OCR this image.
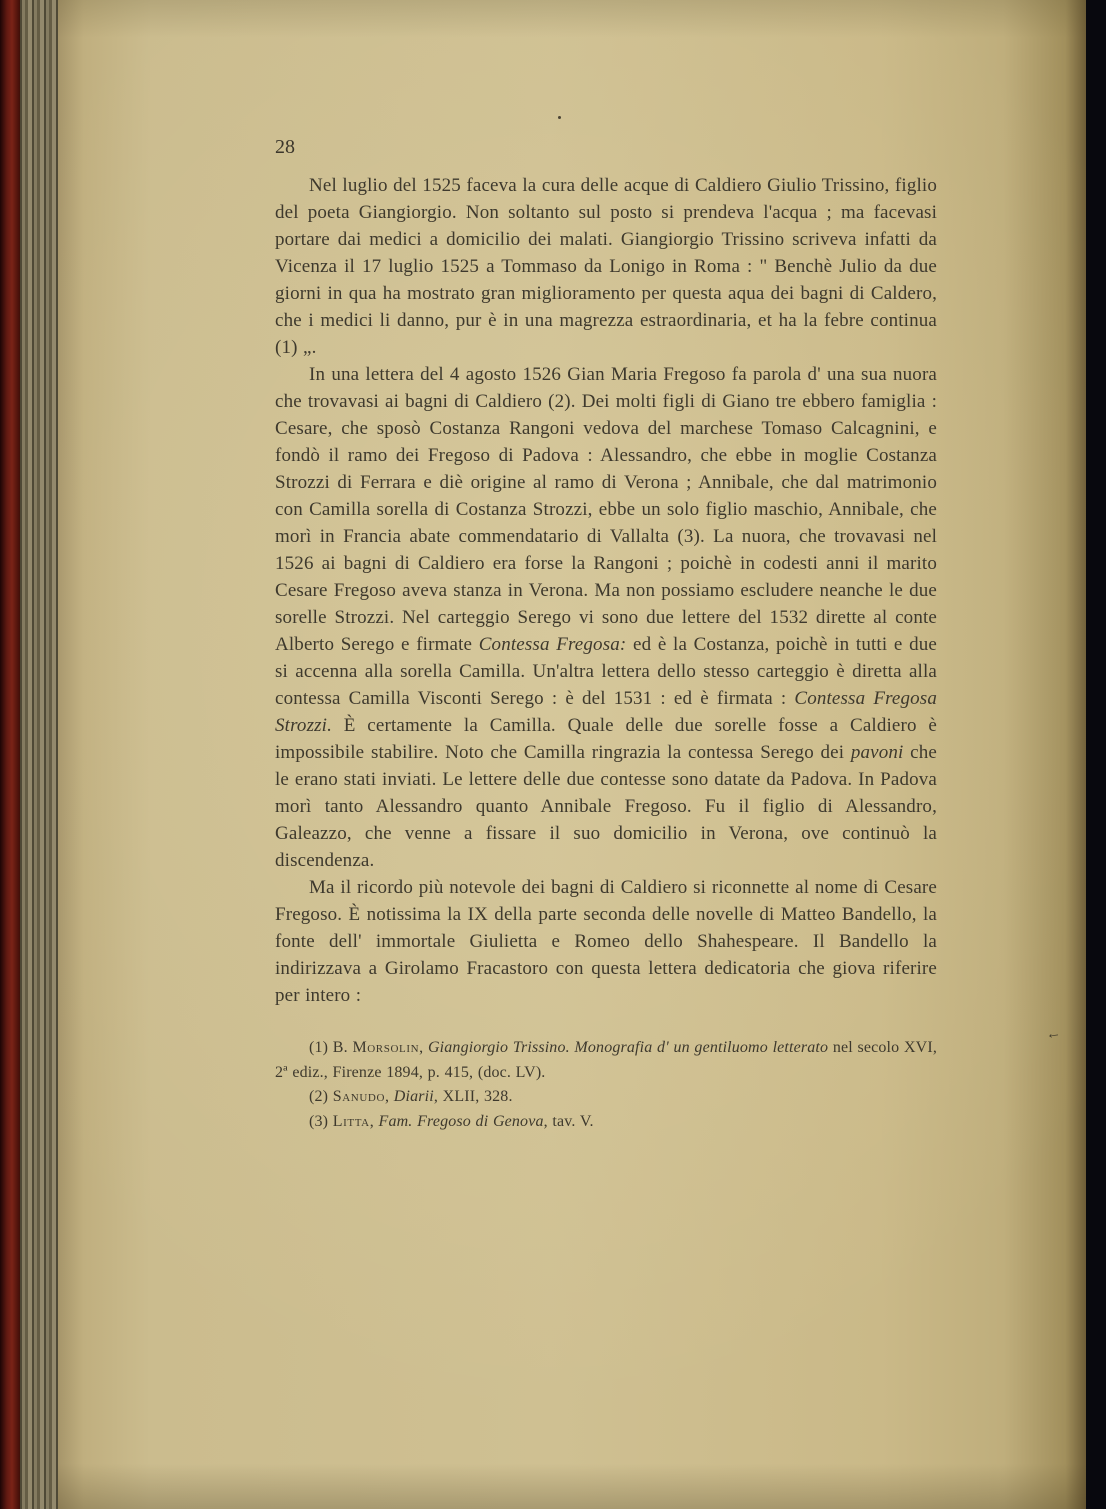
28

Nel luglio del 1525 faceva la cura delle acque di Caldiero Giulio Trissino, figlio del poeta Giangiorgio. Non soltanto sul posto si prendeva l'acqua ; ma facevasi portare dai medici a domicilio dei malati. Giangiorgio Trissino scriveva infatti da Vicenza il 17 luglio 1525 a Tommaso da Lonigo in Roma : " Benchè Julio da due giorni in qua ha mostrato gran miglioramento per questa aqua dei bagni di Caldero, che i medici li danno, pur è in una magrezza estraordinaria, et ha la febre continua (1) „.

In una lettera del 4 agosto 1526 Gian Maria Fregoso fa parola d' una sua nuora che trovavasi ai bagni di Caldiero (2). Dei molti figli di Giano tre ebbero famiglia : Cesare, che sposò Costanza Rangoni vedova del marchese Tomaso Calcagnini, e fondò il ramo dei Fregoso di Padova : Alessandro, che ebbe in moglie Costanza Strozzi di Ferrara e diè origine al ramo di Verona ; Annibale, che dal matrimonio con Camilla sorella di Costanza Strozzi, ebbe un solo figlio maschio, Annibale, che morì in Francia abate commendatario di Vallalta (3). La nuora, che trovavasi nel 1526 ai bagni di Caldiero era forse la Rangoni ; poichè in codesti anni il marito Cesare Fregoso aveva stanza in Verona. Ma non possiamo escludere neanche le due sorelle Strozzi. Nel carteggio Serego vi sono due lettere del 1532 dirette al conte Alberto Serego e firmate Contessa Fregosa: ed è la Costanza, poichè in tutti e due si accenna alla sorella Camilla. Un'altra lettera dello stesso carteggio è diretta alla contessa Camilla Visconti Serego : è del 1531 : ed è firmata : Contessa Fregosa Strozzi. È certamente la Camilla. Quale delle due sorelle fosse a Caldiero è impossibile stabilire. Noto che Camilla ringrazia la contessa Serego dei pavoni che le erano stati inviati. Le lettere delle due contesse sono datate da Padova. In Padova morì tanto Alessandro quanto Annibale Fregoso. Fu il figlio di Alessandro, Galeazzo, che venne a fissare il suo domicilio in Verona, ove continuò la discendenza.

Ma il ricordo più notevole dei bagni di Caldiero si riconnette al nome di Cesare Fregoso. È notissima la IX della parte seconda delle novelle di Matteo Bandello, la fonte dell' immortale Giulietta e Romeo dello Shahespeare. Il Bandello la indirizzava a Girolamo Fracastoro con questa lettera dedicatoria che giova riferire per intero :

(1) B. Morsolin, Giangiorgio Trissino. Monografia d' un gentiluomo letterato nel secolo XVI, 2ª ediz., Firenze 1894, p. 415, (doc. LV).

(2) Sanudo, Diarii, XLII, 328.

(3) Litta, Fam. Fregoso di Genova, tav. V.

←
